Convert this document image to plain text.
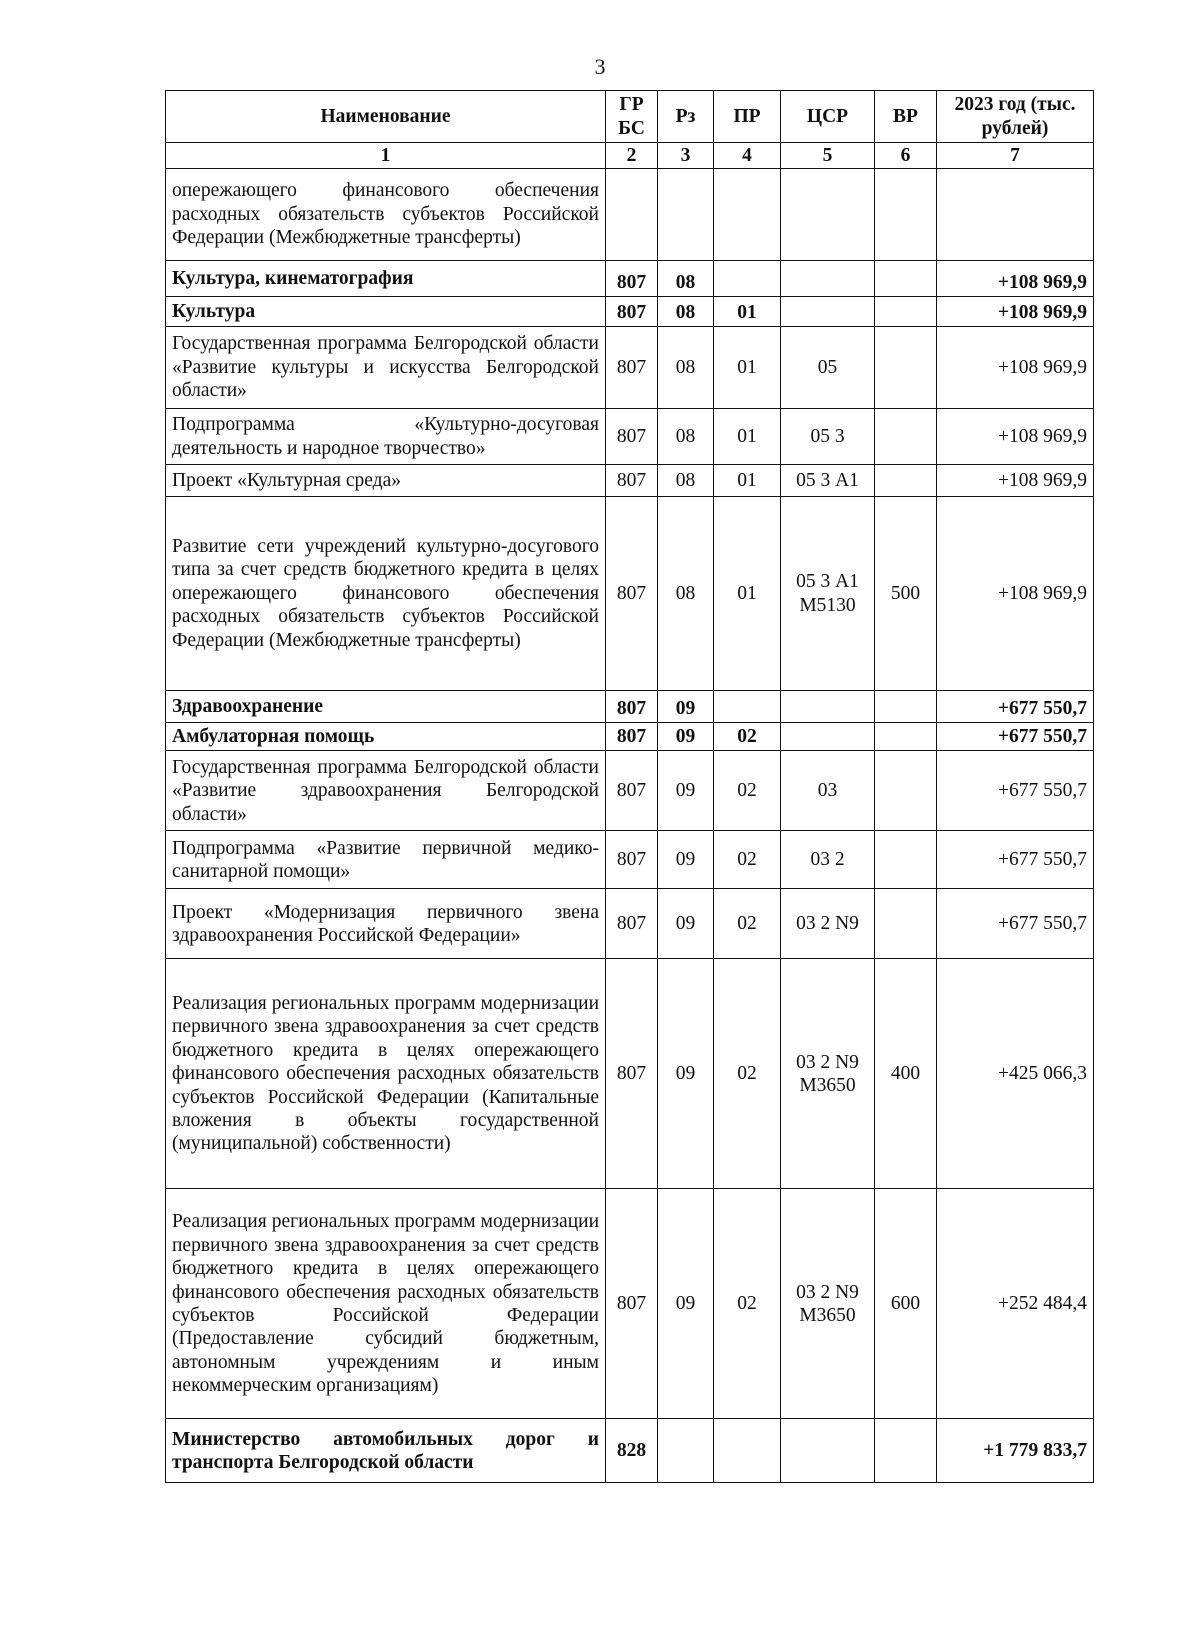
3
Наименование	ГР БС	Рз	ПР	ЦСР	ВР	2023 год (тыс. рублей)
1	2	3	4	5	6	7
опережающего финансового обеспечения расходных обязательств субъектов Российской Федерации (Межбюджетные трансферты)						
Культура, кинематография	807	08				+108 969,9
Культура	807	08	01			+108 969,9
Государственная программа Белгородской области «Развитие культуры и искусства Белгородской области»	807	08	01	05		+108 969,9
Подпрограмма «Культурно-досуговая деятельность и народное творчество»	807	08	01	05 3		+108 969,9
Проект «Культурная среда»	807	08	01	05 3 А1		+108 969,9
Развитие сети учреждений культурно-досугового типа за счет средств бюджетного кредита в целях опережающего финансового обеспечения расходных обязательств субъектов Российской Федерации (Межбюджетные трансферты)	807	08	01	05 3 А1 М5130	500	+108 969,9
Здравоохранение	807	09				+677 550,7
Амбулаторная помощь	807	09	02			+677 550,7
Государственная программа Белгородской области «Развитие здравоохранения Белгородской области»	807	09	02	03		+677 550,7
Подпрограмма «Развитие первичной медико-санитарной помощи»	807	09	02	03 2		+677 550,7
Проект «Модернизация первичного звена здравоохранения Российской Федерации»	807	09	02	03 2 N9		+677 550,7
Реализация региональных программ модернизации первичного звена здравоохранения за счет средств бюджетного кредита в целях опережающего финансового обеспечения расходных обязательств субъектов Российской Федерации (Капитальные вложения в объекты государственной (муниципальной) собственности)	807	09	02	03 2 N9 М3650	400	+425 066,3
Реализация региональных программ модернизации первичного звена здравоохранения за счет средств бюджетного кредита в целях опережающего финансового обеспечения расходных обязательств субъектов Российской Федерации (Предоставление субсидий бюджетным, автономным учреждениям и иным некоммерческим организациям)	807	09	02	03 2 N9 М3650	600	+252 484,4
Министерство автомобильных дорог и транспорта Белгородской области	828					+1 779 833,7
